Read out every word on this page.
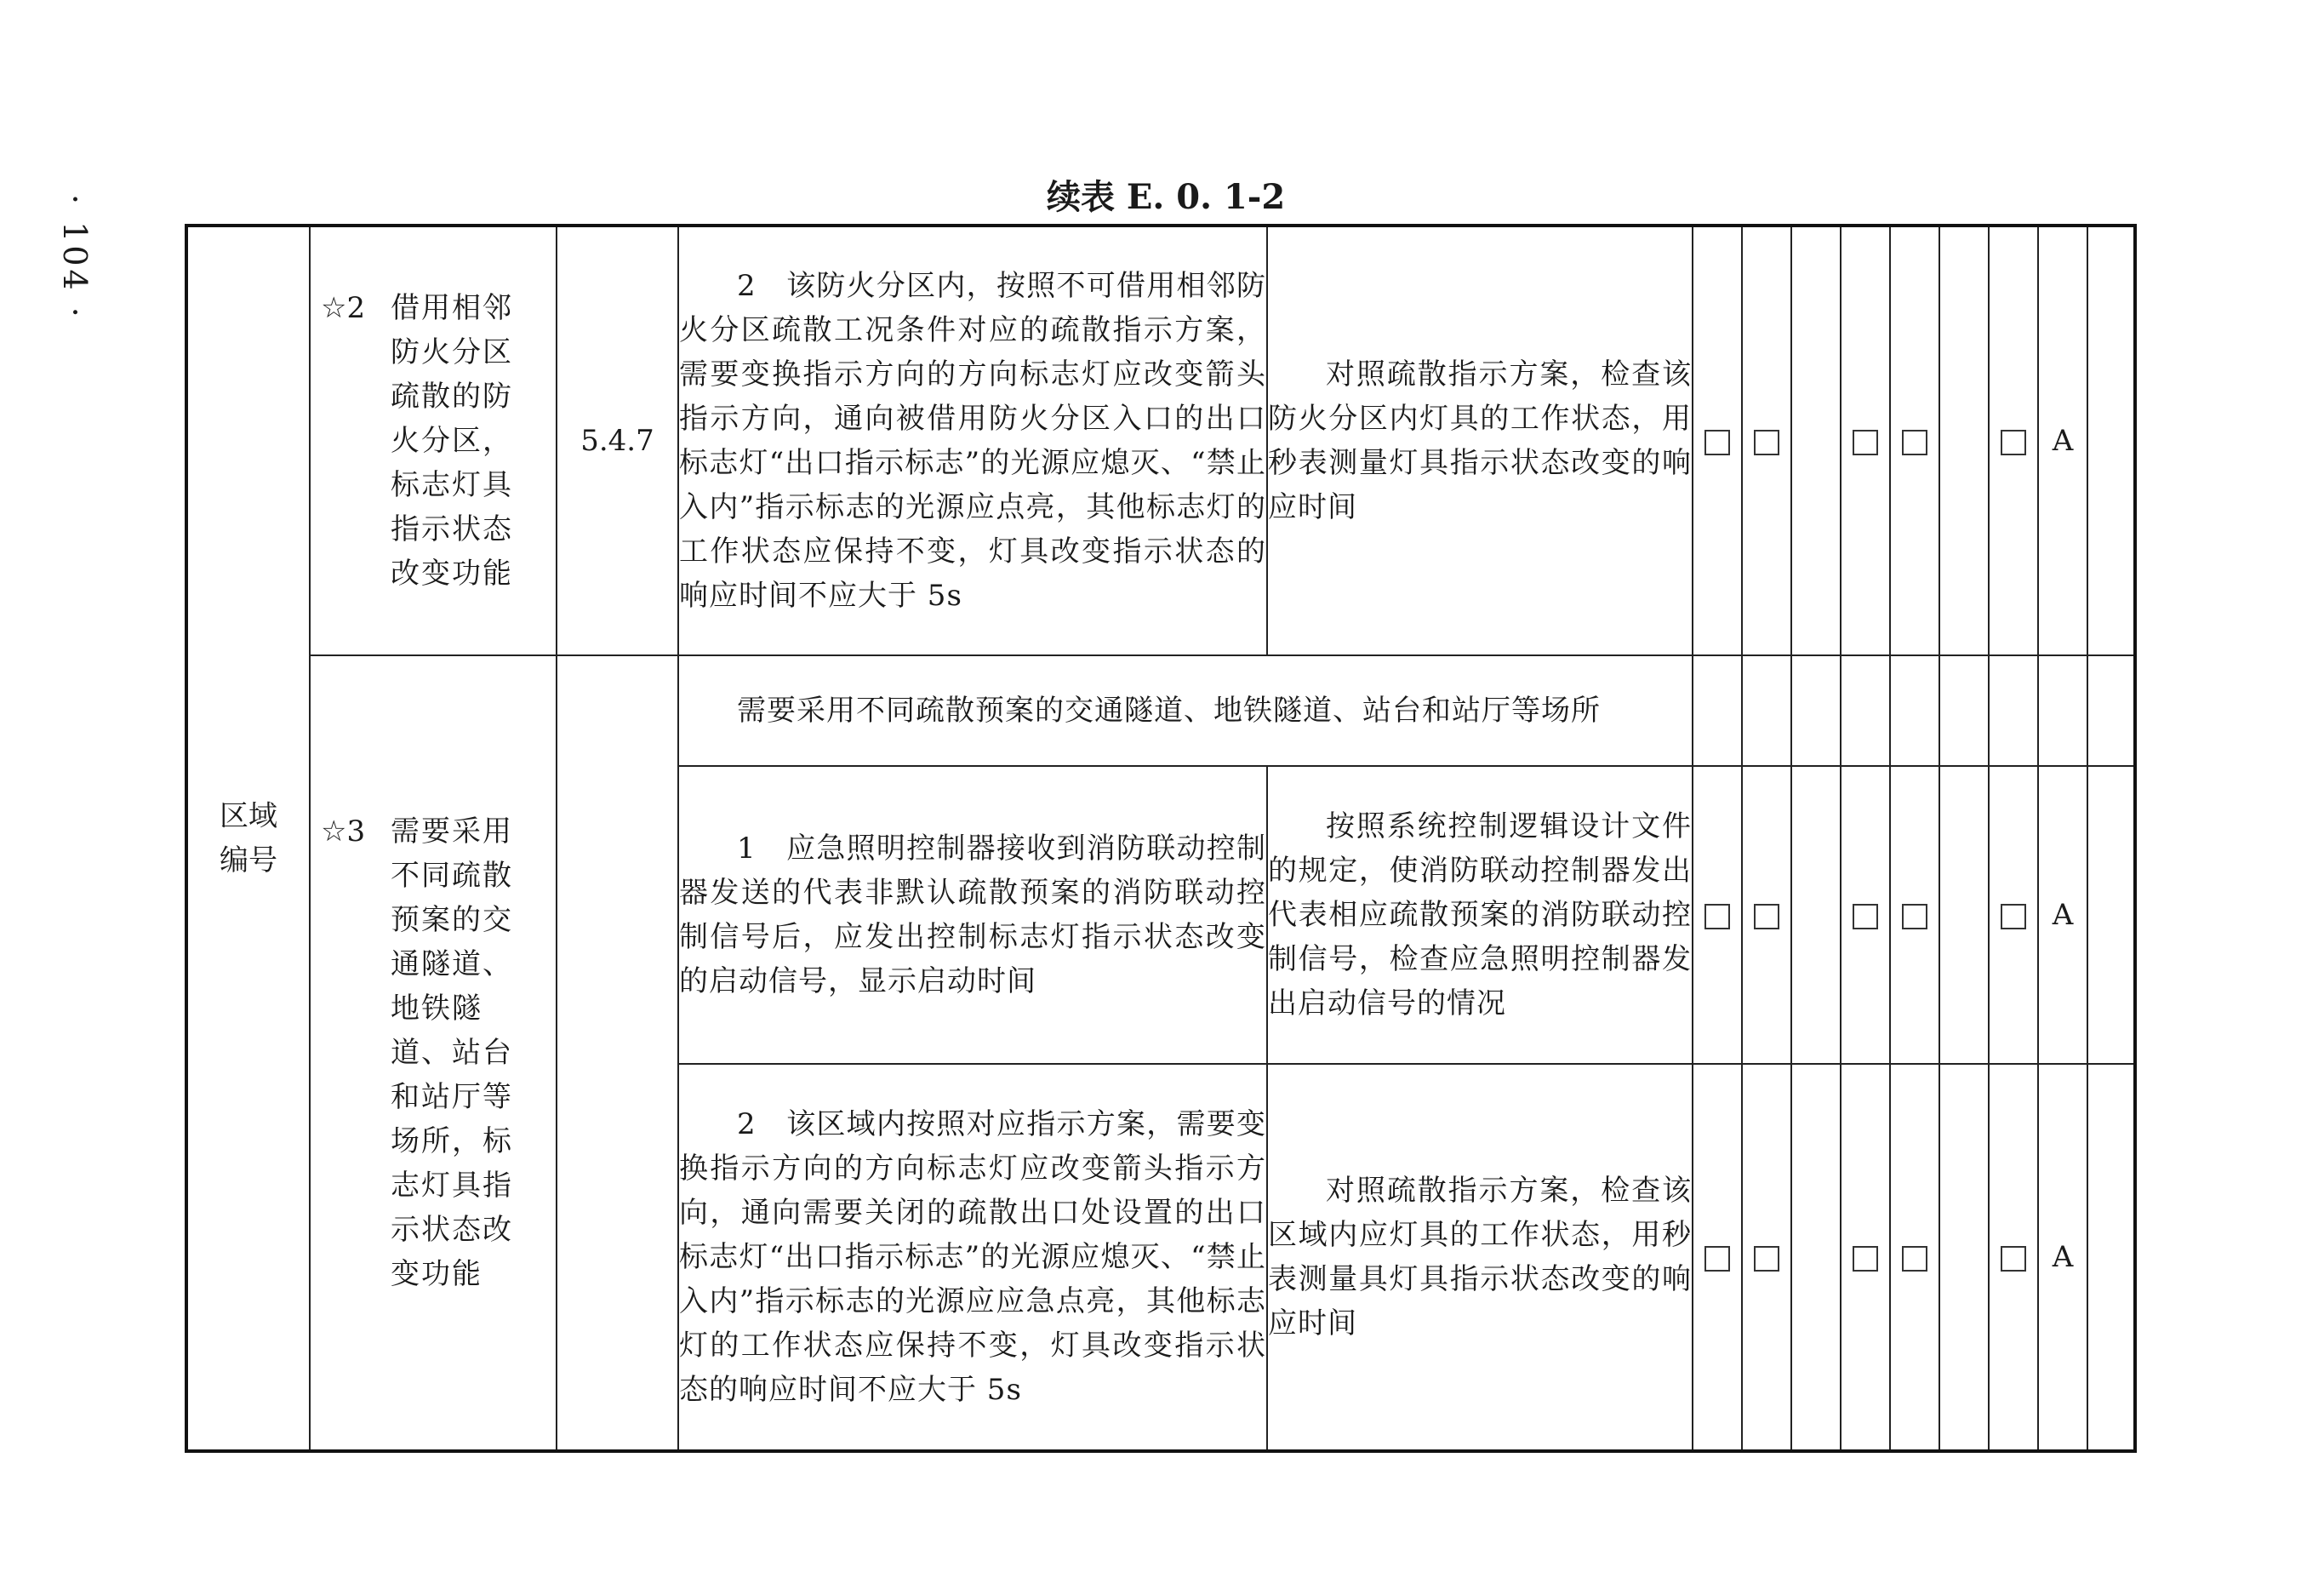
· 104 ·	续表 E. 0. 1-2
区域
编号	☆2 借用相邻防火分区疏散的防火分区，标志灯具指示状态改变功能	5.4.7	2　该防火分区内，按照不可借用相邻防火分区疏散工况条件对应的疏散指示方案，需要变换指示方向的方向标志灯应改变箭头指示方向，通向被借用防火分区入口的出口标志灯“出口指示标志”的光源应熄灭、“禁止入内”指示标志的光源应点亮，其他标志灯的工作状态应保持不变，灯具改变指示状态的响应时间不应大于 5s	对照疏散指示方案，检查该防火分区内灯具的工作状态，用秒表测量灯具指示状态改变的响应时间								A	

	☆3 需要采用不同疏散预案的交通隧道、地铁隧道、站台和站厅等场所，标志灯具指示状态改变功能		需要采用不同疏散预案的交通隧道、地铁隧道、站台和站厅等场所										
			1　应急照明控制器接收到消防联动控制器发送的代表非默认疏散预案的消防联动控制信号后，应发出控制标志灯指示状态改变的启动信号，显示启动时间	按照系统控制逻辑设计文件的规定，使消防联动控制器发出代表相应疏散预案的消防联动控制信号，检查应急照明控制器发出启动信号的情况								A	
			2　该区域内按照对应指示方案，需要变换指示方向的方向标志灯应改变箭头指示方向，通向需要关闭的疏散出口处设置的出口标志灯“出口指示标志”的光源应熄灭、“禁止入内”指示标志的光源应应急点亮，其他标志灯的工作状态应保持不变，灯具改变指示状态的响应时间不应大于 5s	对照疏散指示方案，检查该区域内应灯具的工作状态，用秒表测量具灯具指示状态改变的响应时间								A	
